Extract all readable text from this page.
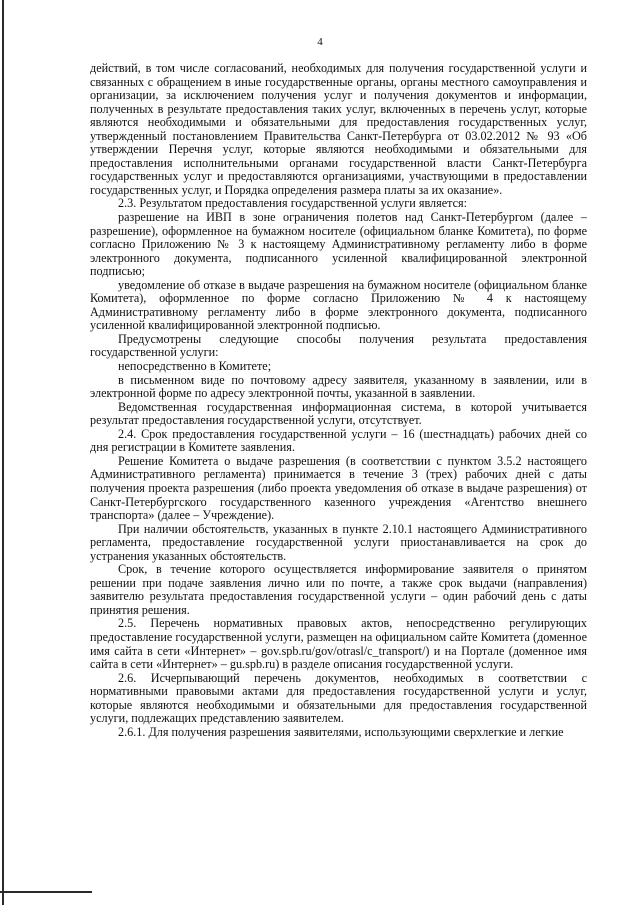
4

действий, в том числе согласований, необходимых для получения государственной услуги и связанных с обращением в иные государственные органы, органы местного самоуправления и организации, за исключением получения услуг и получения документов и информации, полученных в результате предоставления таких услуг, включенных в перечень услуг, которые являются необходимыми и обязательными для предоставления государственных услуг, утвержденный постановлением Правительства Санкт-Петербурга от 03.02.2012 № 93 «Об утверждении Перечня услуг, которые являются необходимыми и обязательными для предоставления исполнительными органами государственной власти Санкт-Петербурга государственных услуг и предоставляются организациями, участвующими в предоставлении государственных услуг, и Порядка определения размера платы за их оказание».

2.3. Результатом предоставления государственной услуги является:

разрешение на ИВП в зоне ограничения полетов над Санкт-Петербургом (далее – разрешение), оформленное на бумажном носителе (официальном бланке Комитета), по форме согласно Приложению № 3 к настоящему Административному регламенту либо в форме электронного документа, подписанного усиленной квалифицированной электронной подписью;

уведомление об отказе в выдаче разрешения на бумажном носителе (официальном бланке Комитета), оформленное по форме согласно Приложению № 4 к настоящему Административному регламенту либо в форме электронного документа, подписанного усиленной квалифицированной электронной подписью.

Предусмотрены следующие способы получения результата предоставления государственной услуги:

непосредственно в Комитете;

в письменном виде по почтовому адресу заявителя, указанному в заявлении, или в электронной форме по адресу электронной почты, указанной в заявлении.

Ведомственная государственная информационная система, в которой учитывается результат предоставления государственной услуги, отсутствует.

2.4. Срок предоставления государственной услуги – 16 (шестнадцать) рабочих дней со дня регистрации в Комитете заявления.

Решение Комитета о выдаче разрешения (в соответствии с пунктом 3.5.2 настоящего Административного регламента) принимается в течение 3 (трех) рабочих дней с даты получения проекта разрешения (либо проекта уведомления об отказе в выдаче разрешения) от Санкт-Петербургского государственного казенного учреждения «Агентство внешнего транспорта» (далее – Учреждение).

При наличии обстоятельств, указанных в пункте 2.10.1 настоящего Административного регламента, предоставление государственной услуги приостанавливается на срок до устранения указанных обстоятельств.

Срок, в течение которого осуществляется информирование заявителя о принятом решении при подаче заявления лично или по почте, а также срок выдачи (направления) заявителю результата предоставления государственной услуги – один рабочий день с даты принятия решения.

2.5. Перечень нормативных правовых актов, непосредственно регулирующих предоставление государственной услуги, размещен на официальном сайте Комитета (доменное имя сайта в сети «Интернет» – gov.spb.ru/gov/otrasl/c_transport/) и на Портале (доменное имя сайта в сети «Интернет» – gu.spb.ru) в разделе описания государственной услуги.

2.6. Исчерпывающий перечень документов, необходимых в соответствии с нормативными правовыми актами для предоставления государственной услуги и услуг, которые являются необходимыми и обязательными для предоставления государственной услуги, подлежащих представлению заявителем.

2.6.1. Для получения разрешения заявителями, использующими сверхлегкие и легкие
